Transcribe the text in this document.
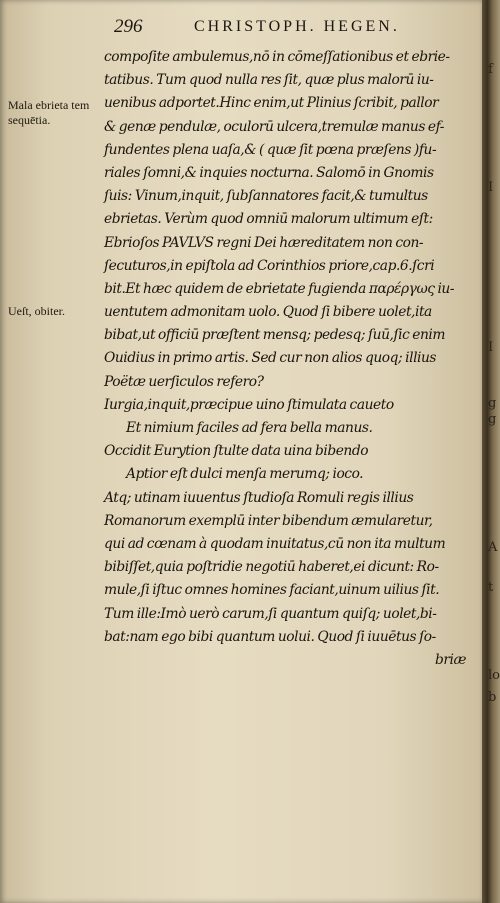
296	CHRISTOPH. HEGEN.
Mala ebrieta tem sequētia.
Ueſt, obiter.
compoſite ambulemus,nō in cōmeſſationibus et ebrie-
tatibus. Tum quod nulla res ſit, quæ plus malorū iu-
uenibus adportet.Hinc enim,ut Plinius ſcribit, pallor
& genæ pendulæ, oculorū ulcera,tremulæ manus ef-
fundentes plena uaſa,& ( quæ ſit pœna præſens )fu-
riales ſomni,& inquies nocturna. Salomō in Gnomis
ſuis: Vinum,inquit, ſubſannatores facit,& tumultus
ebrietas. Verùm quod omniū malorum ultimum eſt:
Ebrioſos PAVLVS regni Dei hæreditatem non con-
ſecuturos,in epiſtola ad Corinthios priore,cap.6.ſcri
bit.Et hæc quidem de ebrietate fugienda παρέργως iu-
uentutem admonitam uolo. Quod ſi bibere uolet,ita
bibat,ut officiū præſtent mensq; pedesq; ſuū,ſic enim
Ouidius in primo artis. Sed cur non alios quoq; illius
Poëtæ uerſiculos refero?
Iurgia,inquit,præcipue uino ſtimulata caueto
Et nimium faciles ad fera bella manus.
Occidit Eurytion ſtulte data uina bibendo
Aptior eſt dulci menſa merumq; ioco.
Atq; utinam iuuentus ſtudioſa Romuli regis illius
Romanorum exemplū inter bibendum æmularetur,
qui ad cœnam à quodam inuitatus,cū non ita multum
bibiſſet,quia poſtridie negotiū haberet,ei dicunt: Ro-
mule,ſi iſtuc omnes homines faciant,uinum uilius ſit.
Tum ille:Imò uerò carum,ſi quantum quiſq; uolet,bi-
bat:nam ego bibi quantum uolui. Quod ſi iuuētus ſo-
briæ
f
I
I
g
g
A
t
lo
b
